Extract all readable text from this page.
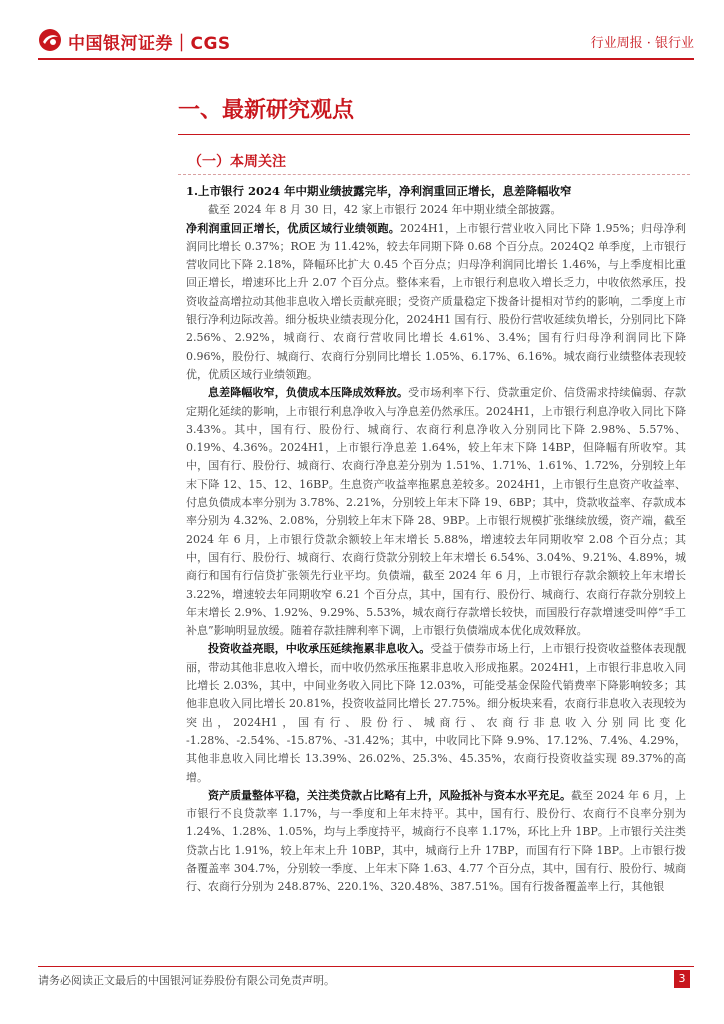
中国银河证券｜CGS	行业周报 · 银行业
一、最新研究观点
（一）本周关注

1.上市银行 2024 年中期业绩披露完毕，净利润重回正增长，息差降幅收窄

截至 2024 年 8 月 30 日，42 家上市银行 2024 年中期业绩全部披露。

净利润重回正增长，优质区域行业绩领跑。2024H1，上市银行营业收入同比下降 1.95%；归母净利润同比增长 0.37%；ROE 为 11.42%，较去年同期下降 0.68 个百分点。2024Q2 单季度，上市银行营收同比下降 2.18%，降幅环比扩大 0.45 个百分点；归母净利润同比增长 1.46%，与上季度相比重回正增长，增速环比上升 2.07 个百分点。整体来看，上市银行利息收入增长乏力，中收依然承压，投资收益高增拉动其他非息收入增长贡献亮眼；受资产质量稳定下拨备计提相对节约的影响，二季度上市银行净利边际改善。细分板块业绩表现分化，2024H1 国有行、股份行营收延续负增长，分别同比下降 2.56%、2.92%，城商行、农商行营收同比增长 4.61%、3.4%；国有行归母净利润同比下降 0.96%，股份行、城商行、农商行分别同比增长 1.05%、6.17%、6.16%。城农商行业绩整体表现较优，优质区域行业绩领跑。

息差降幅收窄，负债成本压降成效释放。受市场利率下行、贷款重定价、信贷需求持续偏弱、存款定期化延续的影响，上市银行利息净收入与净息差仍然承压。2024H1，上市银行利息净收入同比下降 3.43%。其中，国有行、股份行、城商行、农商行利息净收入分别同比下降 2.98%、5.57%、0.19%、4.36%。2024H1，上市银行净息差 1.64%，较上年末下降 14BP，但降幅有所收窄。其中，国有行、股份行、城商行、农商行净息差分别为 1.51%、1.71%、1.61%、1.72%，分别较上年末下降 12、15、12、16BP。生息资产收益率拖累息差较多。2024H1，上市银行生息资产收益率、付息负债成本率分别为 3.78%、2.21%，分别较上年末下降 19、6BP；其中，贷款收益率、存款成本率分别为 4.32%、2.08%，分别较上年末下降 28、9BP。上市银行规模扩张继续放缓，资产端，截至 2024 年 6 月，上市银行贷款余额较上年末增长 5.88%，增速较去年同期收窄 2.08 个百分点；其中，国有行、股份行、城商行、农商行贷款分别较上年末增长 6.54%、3.04%、9.21%、4.89%，城商行和国有行信贷扩张领先行业平均。负债端，截至 2024 年 6 月，上市银行存款余额较上年末增长 3.22%，增速较去年同期收窄 6.21 个百分点，其中，国有行、股份行、城商行、农商行存款分别较上年末增长 2.9%、1.92%、9.29%、5.53%，城农商行存款增长较快，而国股行存款增速受叫停“手工补息”影响明显放缓。随着存款挂牌利率下调，上市银行负债端成本优化成效释放。

投资收益亮眼，中收承压延续拖累非息收入。受益于债券市场上行，上市银行投资收益整体表现靓丽，带动其他非息收入增长，而中收仍然承压拖累非息收入形成拖累。2024H1，上市银行非息收入同比增长 2.03%，其中，中间业务收入同比下降 12.03%，可能受基金保险代销费率下降影响较多；其他非息收入同比增长 20.81%，投资收益同比增长 27.75%。细分板块来看，农商行非息收入表现较为突出，2024H1，国有行、股份行、城商行、农商行非息收入分别同比变化 -1.28%、-2.54%、-15.87%、-31.42%；其中，中收同比下降 9.9%、17.12%、7.4%、4.29%，其他非息收入同比增长 13.39%、26.02%、25.3%、45.35%，农商行投资收益实现 89.37%的高增。

资产质量整体平稳，关注类贷款占比略有上升，风险抵补与资本水平充足。截至 2024 年 6 月，上市银行不良贷款率 1.17%，与一季度和上年末持平。其中，国有行、股份行、农商行不良率分别为 1.24%、1.28%、1.05%，均与上季度持平，城商行不良率 1.17%，环比上升 1BP。上市银行关注类贷款占比 1.91%，较上年末上升 10BP，其中，城商行上升 17BP，而国有行下降 1BP。上市银行拨备覆盖率 304.7%，分别较一季度、上年末下降 1.63、4.77 个百分点，其中，国有行、股份行、城商行、农商行分别为 248.87%、220.1%、320.48%、387.51%。国有行拨备覆盖率上行，其他银

请务必阅读正文最后的中国银河证券股份有限公司免责声明。	3
